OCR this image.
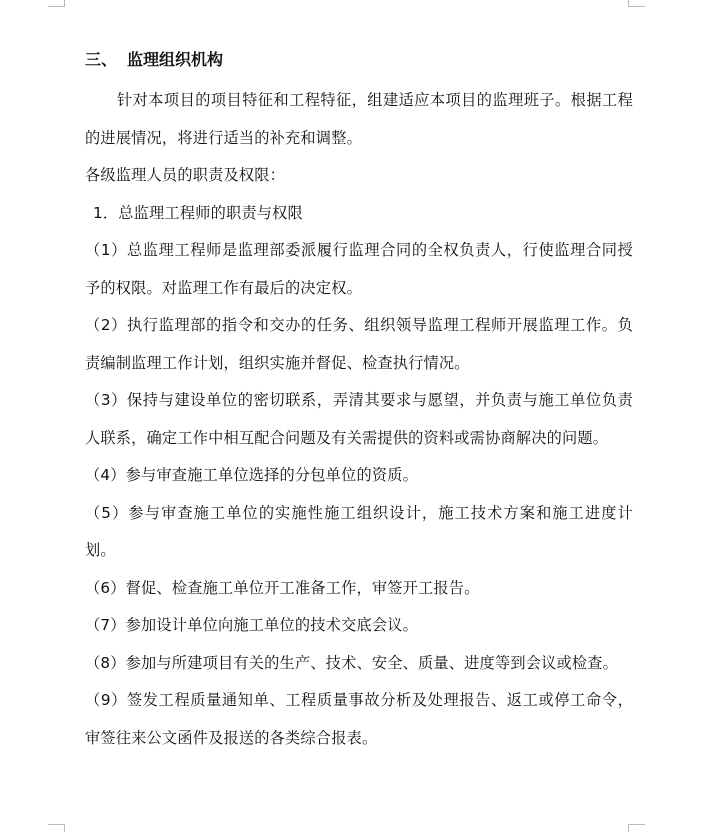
三、 监理组织机构

针对本项目的项目特征和工程特征，组建适应本项目的监理班子。根据工程的进展情况，将进行适当的补充和调整。

各级监理人员的职责及权限：

1．总监理工程师的职责与权限

（1）总监理工程师是监理部委派履行监理合同的全权负责人，行使监理合同授予的权限。对监理工作有最后的决定权。

（2）执行监理部的指令和交办的任务、组织领导监理工程师开展监理工作。负责编制监理工作计划，组织实施并督促、检查执行情况。

（3）保持与建设单位的密切联系，弄清其要求与愿望，并负责与施工单位负责人联系，确定工作中相互配合问题及有关需提供的资料或需协商解决的问题。

（4）参与审查施工单位选择的分包单位的资质。

（5）参与审查施工单位的实施性施工组织设计，施工技术方案和施工进度计划。

（6）督促、检查施工单位开工准备工作，审签开工报告。

（7）参加设计单位向施工单位的技术交底会议。

（8）参加与所建项目有关的生产、技术、安全、质量、进度等到会议或检查。

（9）签发工程质量通知单、工程质量事故分析及处理报告、返工或停工命令，审签往来公文函件及报送的各类综合报表。
